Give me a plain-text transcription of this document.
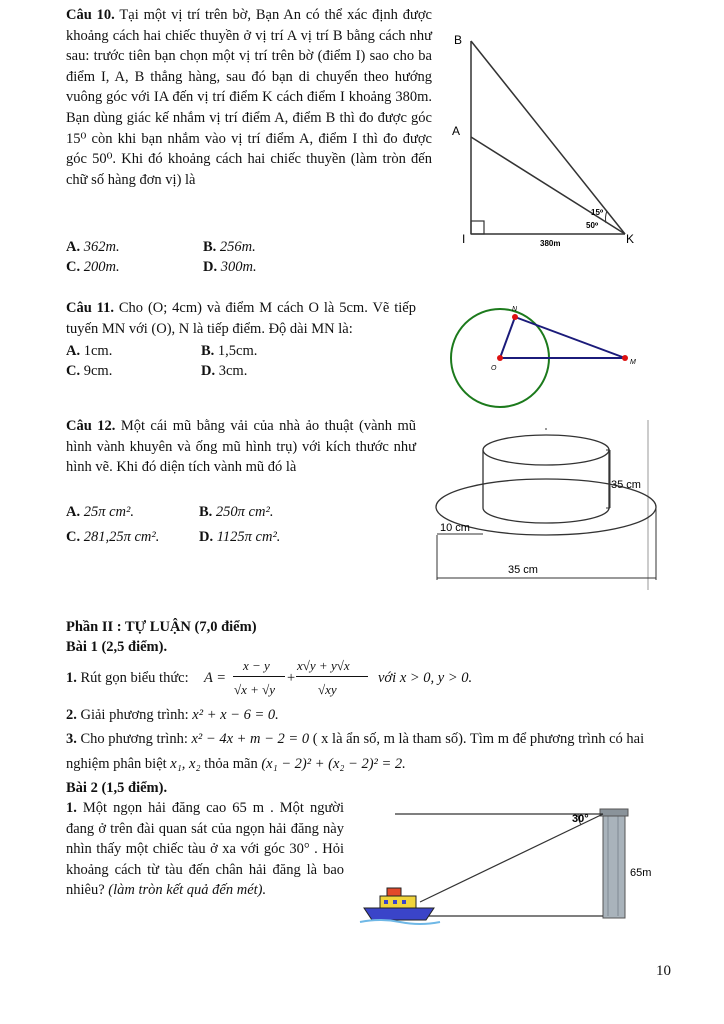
Câu 10. Tại một vị trí trên bờ, Bạn An có thể xác định được khoảng cách hai chiếc thuyền ở vị trí A vị trí B bằng cách như sau: trước tiên bạn chọn một vị trí trên bờ (điểm I) sao cho ba điểm I, A, B thẳng hàng, sau đó bạn di chuyển theo hướng vuông góc với IA đến vị trí điểm K cách điểm I khoảng 380m. Bạn dùng giác kế nhắm vị trí điểm A, điểm B thì đo được góc 15⁰ còn khi bạn nhắm vào vị trí điểm A, điểm I thì đo được góc 50⁰. Khi đó khoảng cách hai chiếc thuyền (làm tròn đến chữ số hàng đơn vị) là
A. 362m.	B. 256m.
C. 200m.	D. 300m.
B
A
I	K
380m
15⁰
50⁰
Câu 11. Cho (O; 4cm) và điểm M cách O là 5cm. Vẽ tiếp tuyến MN với (O), N là tiếp điểm. Độ dài MN là:
A. 1cm.	B. 1,5cm.
C. 9cm.	D. 3cm.
N
O
M
Câu 12. Một cái mũ bằng vải của nhà ảo thuật (vành mũ hình vành khuyên và ống mũ hình trụ) với kích thước như hình vẽ. Khi đó diện tích vành mũ đó là
A. 25π cm².	B. 250π cm².
C. 281,25π cm².	D. 1125π cm².
35 cm
10 cm
35 cm
Phần II : TỰ LUẬN (7,0 điểm)
Bài 1 (2,5 điểm).
1. Rút gọn biểu thức: A =
x − y
√x + √y
+
x√y + y√x
√xy
với x > 0, y > 0.
2. Giải phương trình: x² + x − 6 = 0.
3. Cho phương trình: x² − 4x + m − 2 = 0 ( x là ẩn số, m là tham số). Tìm m để phương trình có hai
nghiệm phân biệt x₁, x₂ thỏa mãn (x₁ − 2)² + (x₂ − 2)² = 2.
Bài 2 (1,5 điểm).
1. Một ngọn hải đăng cao 65 m . Một người đang ở trên đài quan sát của ngọn hải đăng này nhìn thấy một chiếc tàu ở xa với góc 30° . Hỏi khoảng cách từ tàu đến chân hải đăng là bao nhiêu? (làm tròn kết quả đến mét).
30°
65m
10
